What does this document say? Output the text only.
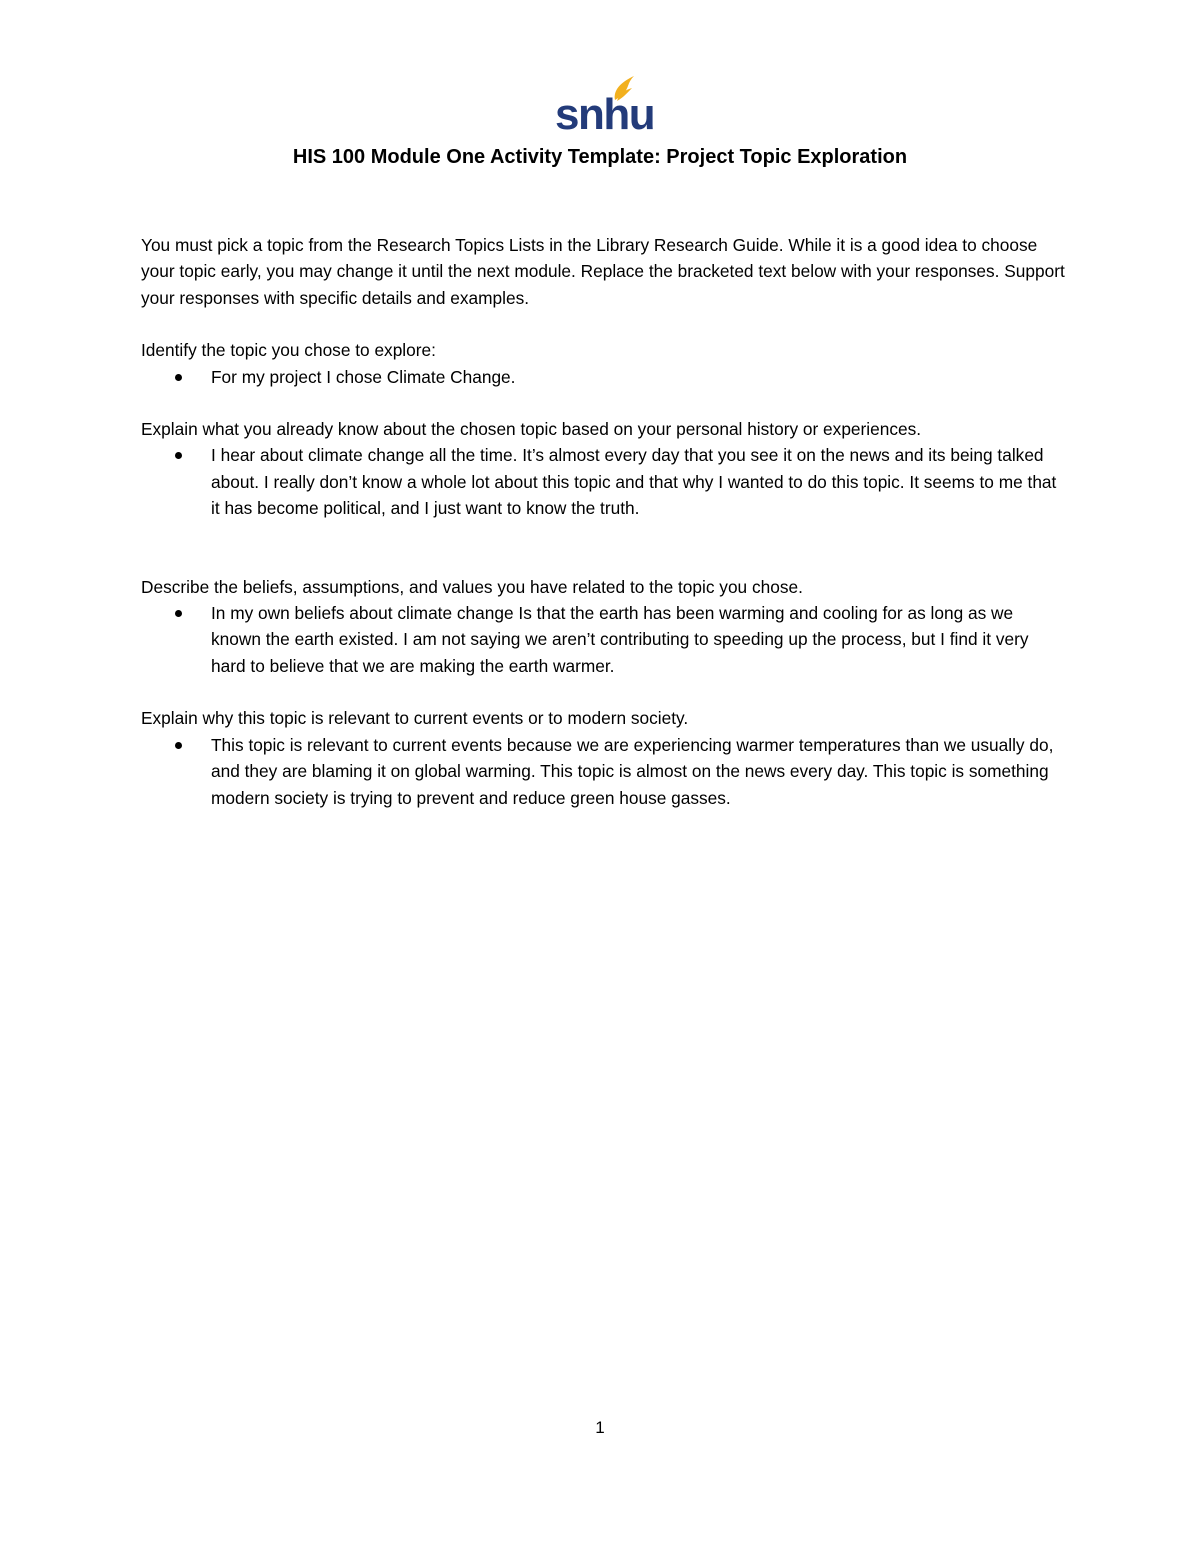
snhu
HIS 100 Module One Activity Template: Project Topic Exploration

You must pick a topic from the Research Topics Lists in the Library Research Guide. While it is a good idea to choose your topic early, you may change it until the next module. Replace the bracketed text below with your responses. Support your responses with specific details and examples.

Identify the topic you chose to explore:

For my project I chose Climate Change.

Explain what you already know about the chosen topic based on your personal history or experiences.

I hear about climate change all the time. It’s almost every day that you see it on the news and its being talked about. I really don’t know a whole lot about this topic and that why I wanted to do this topic. It seems to me that it has become political, and I just want to know the truth.

Describe the beliefs, assumptions, and values you have related to the topic you chose.

In my own beliefs about climate change Is that the earth has been warming and cooling for as long as we known the earth existed. I am not saying we aren’t contributing to speeding up the process, but I find it very hard to believe that we are making the earth warmer.

Explain why this topic is relevant to current events or to modern society.

This topic is relevant to current events because we are experiencing warmer temperatures than we usually do, and they are blaming it on global warming. This topic is almost on the news every day. This topic is something modern society is trying to prevent and reduce green house gasses.
1
